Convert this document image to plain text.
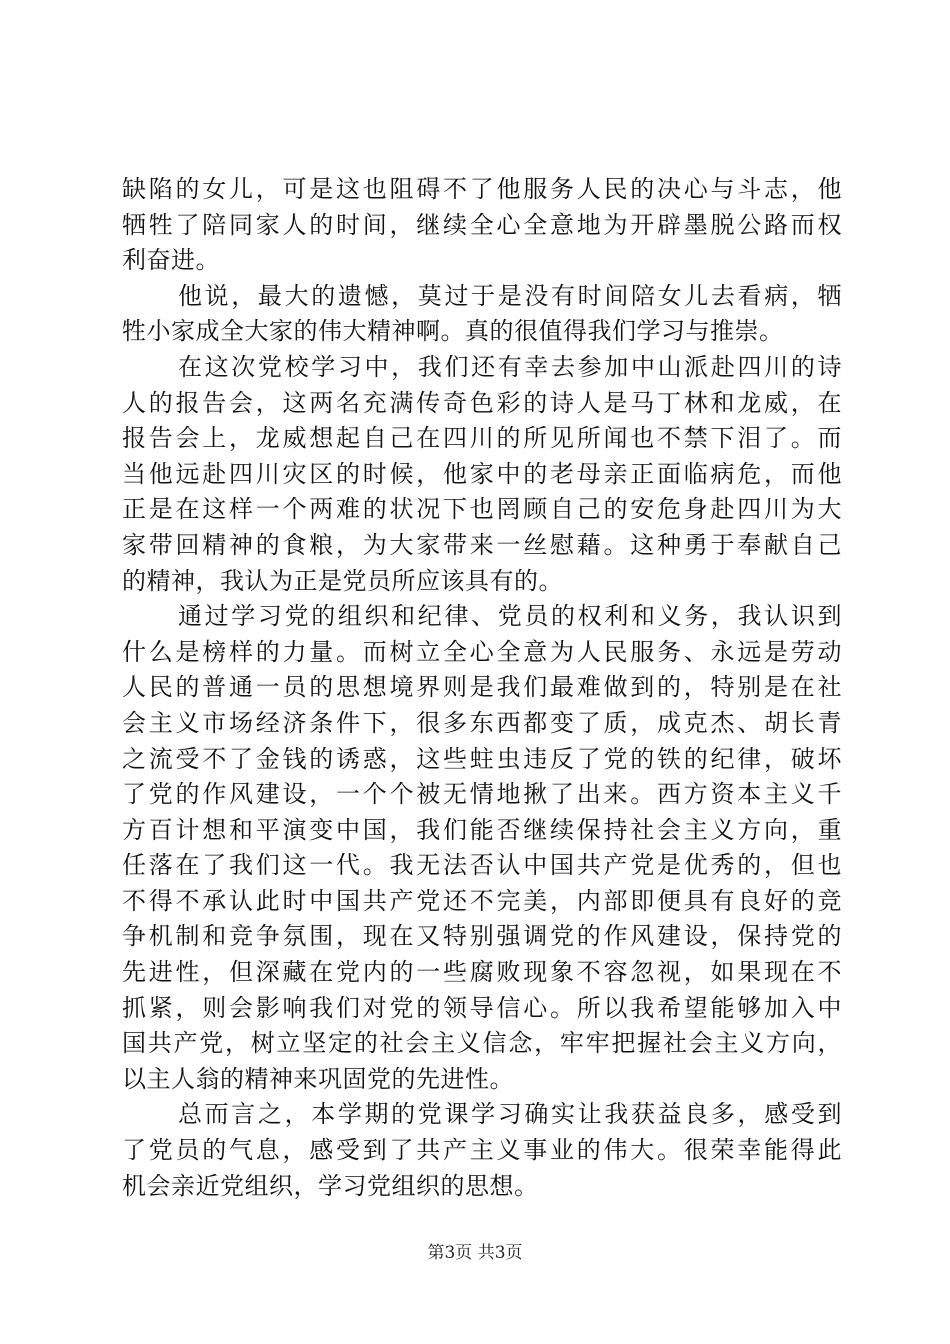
缺陷的女儿，可是这也阻碍不了他服务人民的决心与斗志，他
牺牲了陪同家人的时间，继续全心全意地为开辟墨脱公路而权
利奋进。
他说，最大的遗憾，莫过于是没有时间陪女儿去看病，牺
牲小家成全大家的伟大精神啊。真的很值得我们学习与推崇。
在这次党校学习中，我们还有幸去参加中山派赴四川的诗
人的报告会，这两名充满传奇色彩的诗人是马丁林和龙威，在
报告会上，龙威想起自己在四川的所见所闻也不禁下泪了。而
当他远赴四川灾区的时候，他家中的老母亲正面临病危，而他
正是在这样一个两难的状况下也罔顾自己的安危身赴四川为大
家带回精神的食粮，为大家带来一丝慰藉。这种勇于奉献自己
的精神，我认为正是党员所应该具有的。
通过学习党的组织和纪律、党员的权利和义务，我认识到
什么是榜样的力量。而树立全心全意为人民服务、永远是劳动
人民的普通一员的思想境界则是我们最难做到的，特别是在社
会主义市场经济条件下，很多东西都变了质，成克杰、胡长青
之流受不了金钱的诱惑，这些蛀虫违反了党的铁的纪律，破坏
了党的作风建设，一个个被无情地揪了出来。西方资本主义千
方百计想和平演变中国，我们能否继续保持社会主义方向，重
任落在了我们这一代。我无法否认中国共产党是优秀的，但也
不得不承认此时中国共产党还不完美，内部即便具有良好的竞
争机制和竞争氛围，现在又特别强调党的作风建设，保持党的
先进性，但深藏在党内的一些腐败现象不容忽视，如果现在不
抓紧，则会影响我们对党的领导信心。所以我希望能够加入中
国共产党，树立坚定的社会主义信念，牢牢把握社会主义方向，
以主人翁的精神来巩固党的先进性。
总而言之，本学期的党课学习确实让我获益良多，感受到
了党员的气息，感受到了共产主义事业的伟大。很荣幸能得此
机会亲近党组织，学习党组织的思想。
第3页 共3页
